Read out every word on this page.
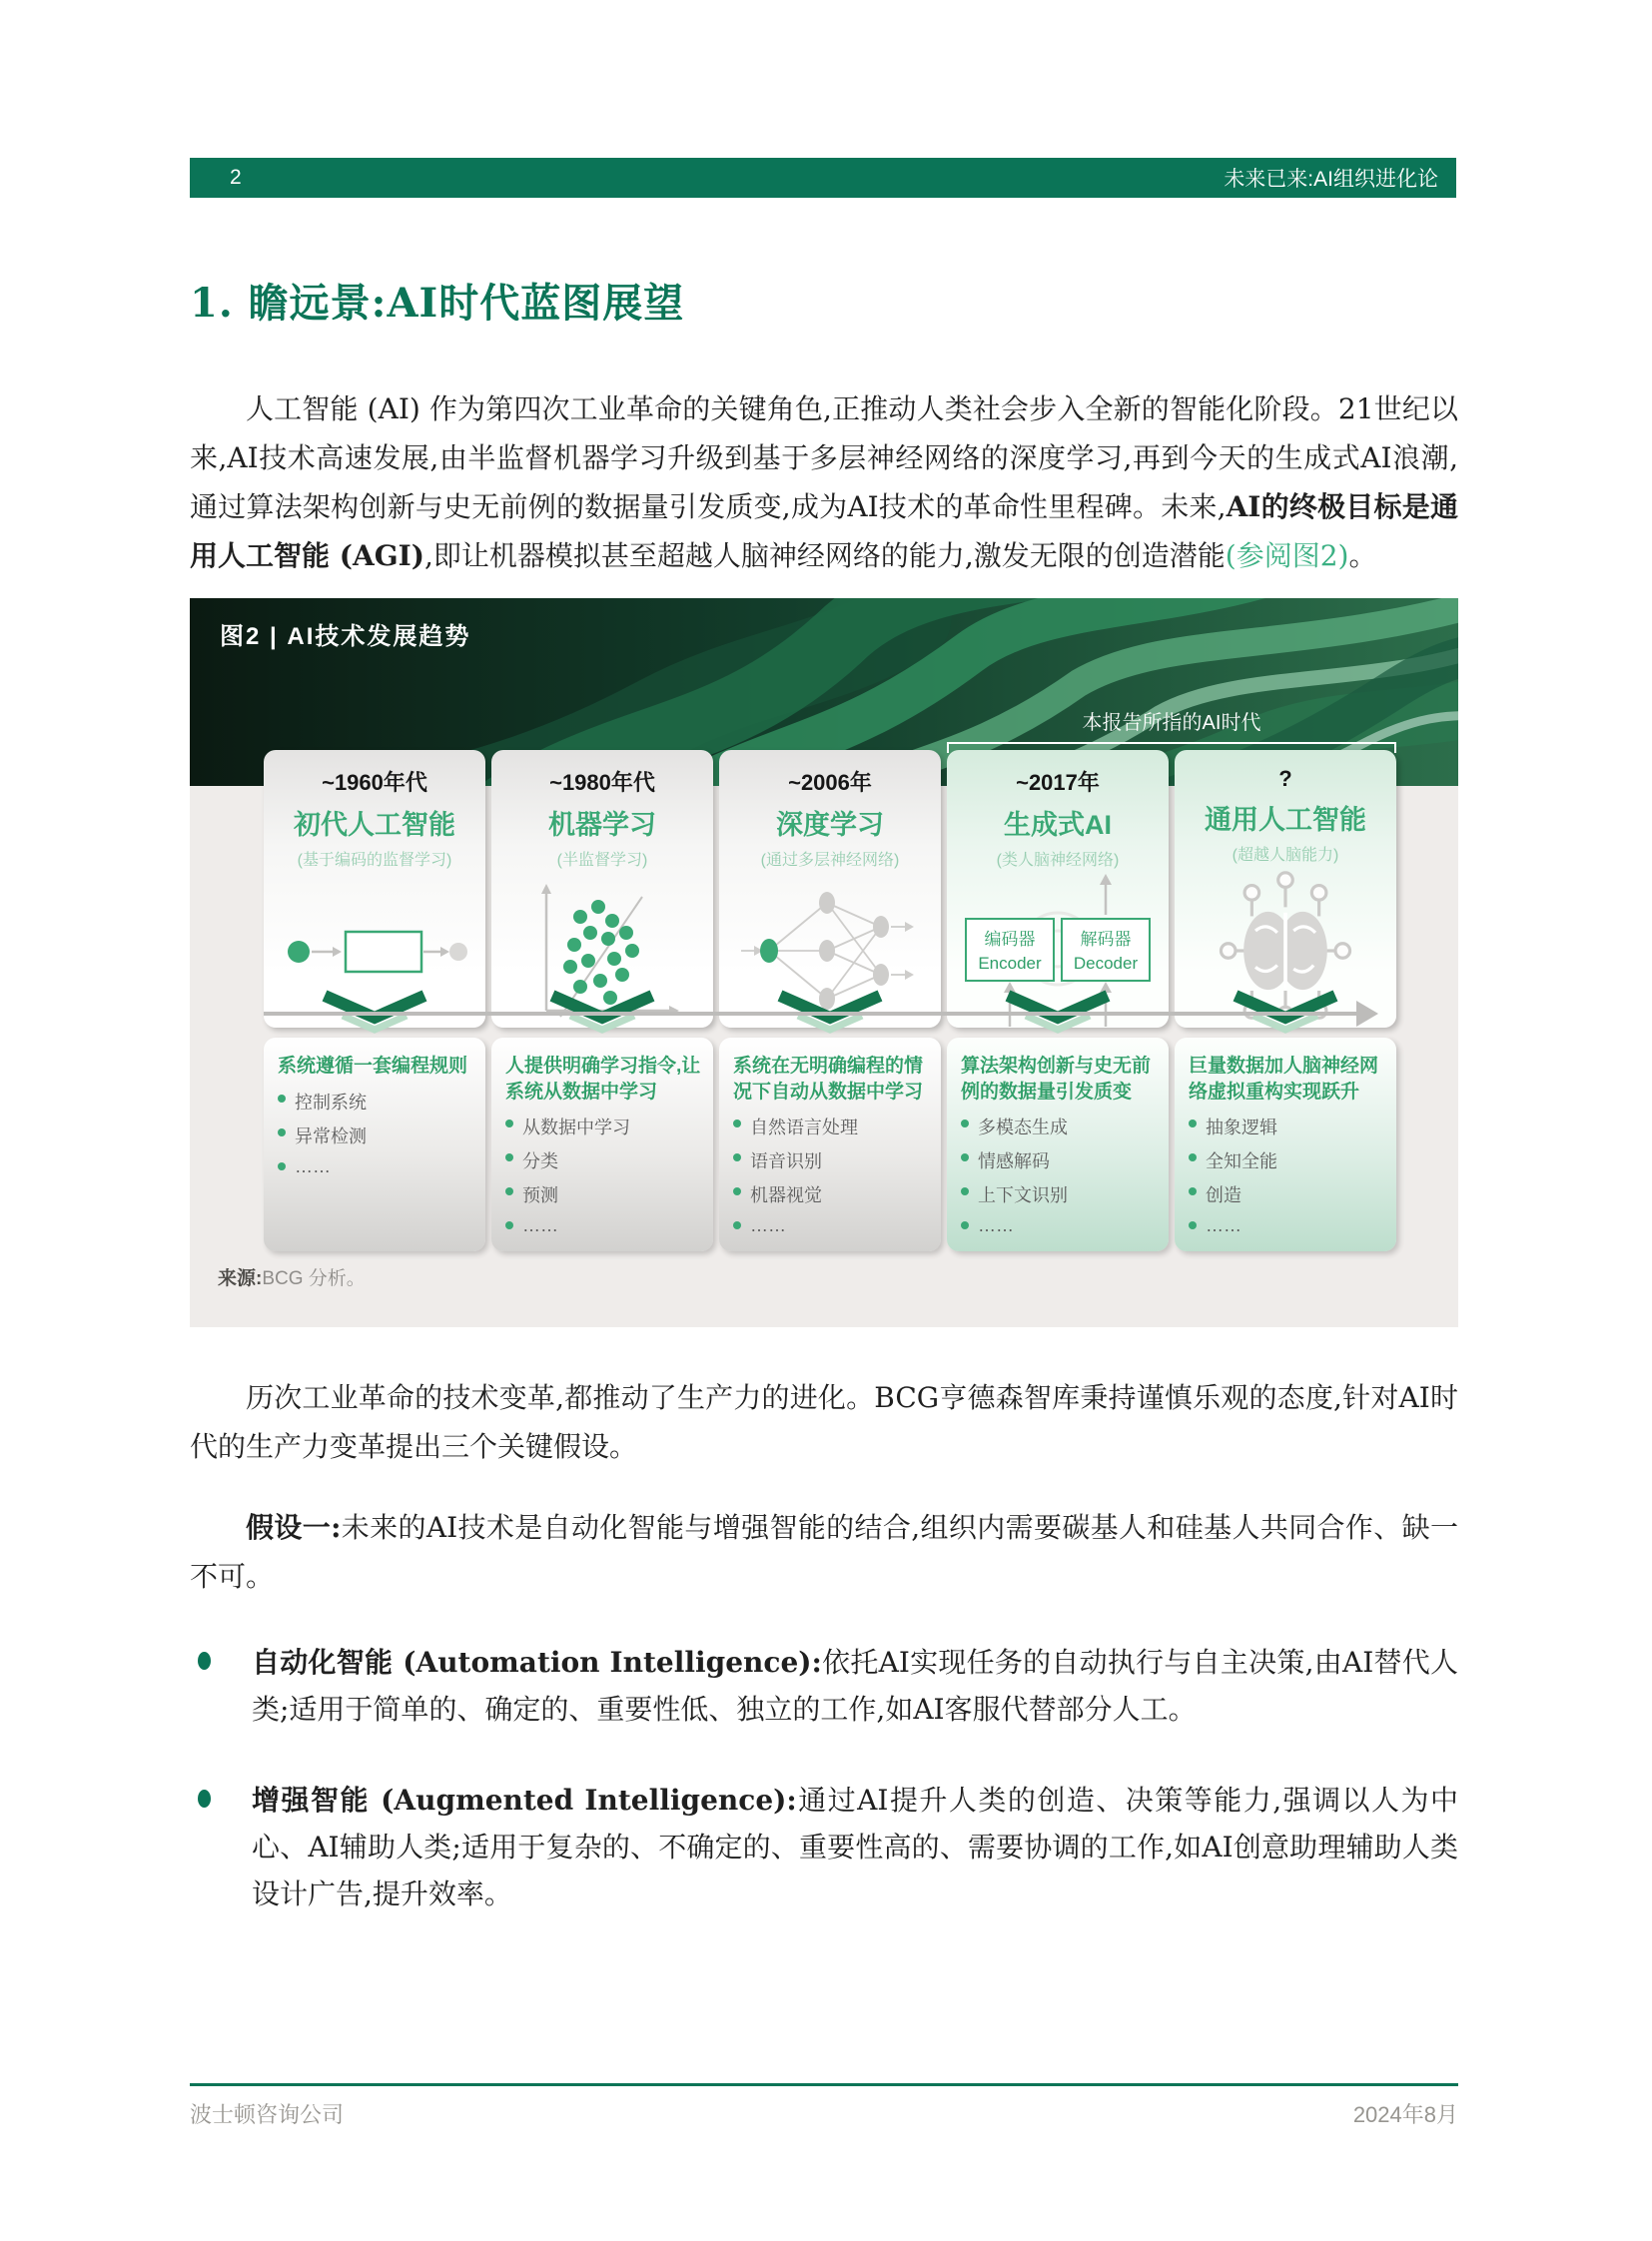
2	未来已来:AI组织进化论
1. 瞻远景:AI时代蓝图展望

人工智能 (AI) 作为第四次工业革命的关键角色,正推动人类社会步入全新的智能化阶段。21世纪以来,AI技术高速发展,由半监督机器学习升级到基于多层神经网络的深度学习,再到今天的生成式AI浪潮,通过算法架构创新与史无前例的数据量引发质变,成为AI技术的革命性里程碑。未来,AI的终极目标是通用人工智能 (AGI),即让机器模拟甚至超越人脑神经网络的能力,激发无限的创造潜能(参阅图2)。

图2 | AI技术发展趋势
本报告所指的AI时代
~1960年代
初代人工智能
(基于编码的监督学习)
系统遵循一套编程规则
控制系统
异常检测
……
~1980年代
机器学习
(半监督学习)
人提供明确学习指令,让系统从数据中学习
从数据中学习
分类
预测
……
~2006年
深度学习
(通过多层神经网络)
系统在无明确编程的情况下自动从数据中学习
自然语言处理
语音识别
机器视觉
……
~2017年
生成式AI
(类人脑神经网络)
编码器
Encoder
解码器
Decoder
算法架构创新与史无前例的数据量引发质变
多模态生成
情感解码
上下文识别
……
?
通用人工智能
(超越人脑能力)
巨量数据加人脑神经网络虚拟重构实现跃升
抽象逻辑
全知全能
创造
……
来源:BCG 分析。

历次工业革命的技术变革,都推动了生产力的进化。BCG亨德森智库秉持谨慎乐观的态度,针对AI时代的生产力变革提出三个关键假设。

假设一:未来的AI技术是自动化智能与增强智能的结合,组织内需要碳基人和硅基人共同合作、缺一不可。

自动化智能 (Automation Intelligence):依托AI实现任务的自动执行与自主决策,由AI替代人类;适用于简单的、确定的、重要性低、独立的工作,如AI客服代替部分人工。
增强智能 (Augmented Intelligence):通过AI提升人类的创造、决策等能力,强调以人为中心、AI辅助人类;适用于复杂的、不确定的、重要性高的、需要协调的工作,如AI创意助理辅助人类设计广告,提升效率。
波士顿咨询公司	2024年8月
